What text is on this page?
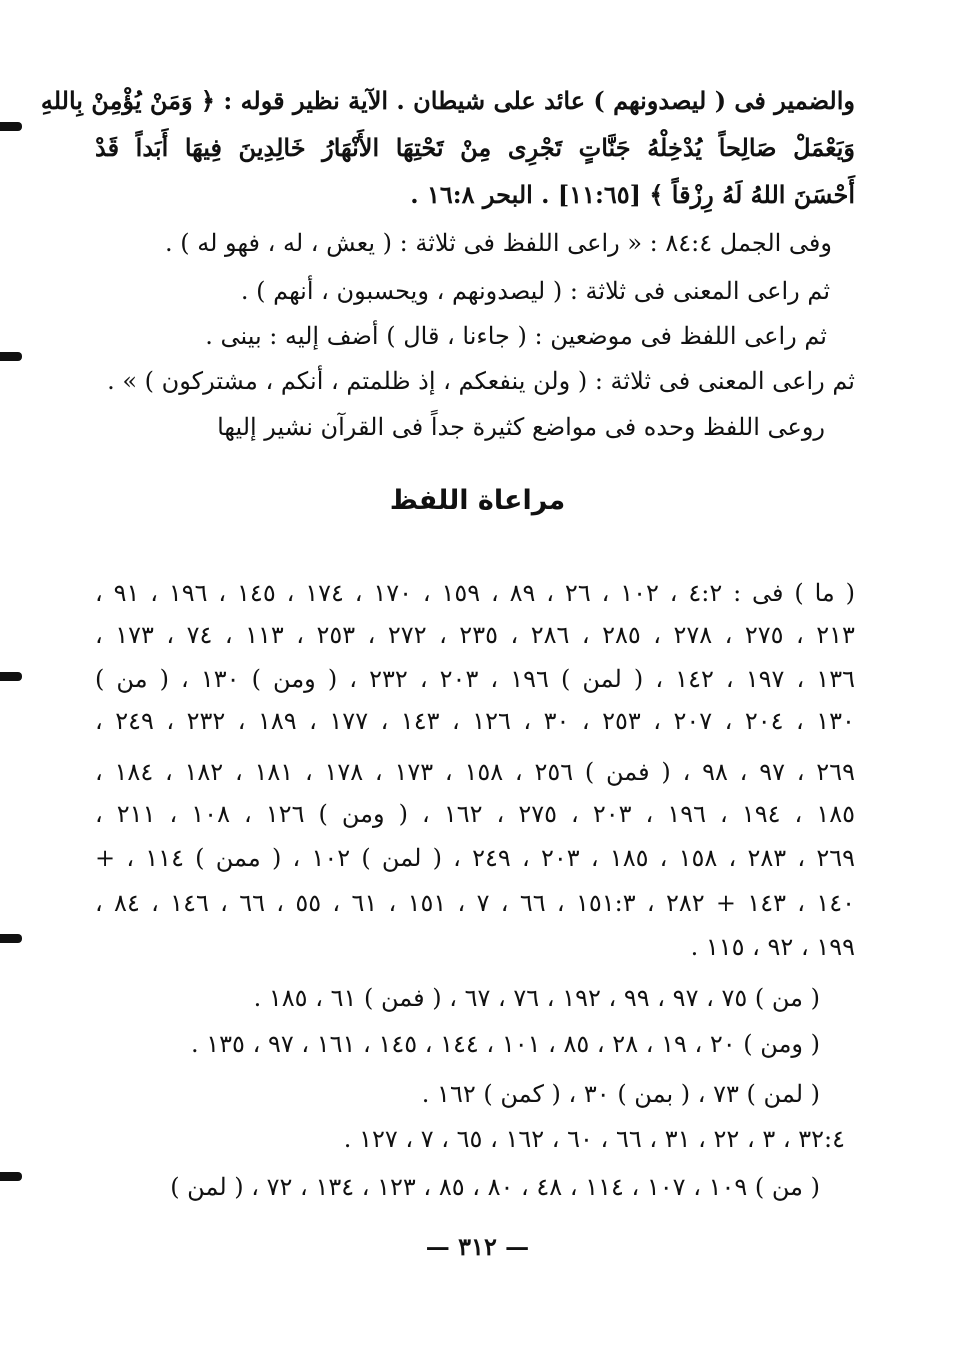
والضمير فى ( ليصدونهم ) عائد على شيطان . الآية نظير قوله : ﴿ وَمَنْ يُؤْمِنْ بِاللهِ
وَيَعْمَلْ صَالِحاً يُدْخِلْهُ جَنَّاتٍ تَجْرِى مِنْ تَحْتِهَا الأَنْهَارُ خَالِدِينَ فِيهَا أَبَداً قَدْ
أَحْسَنَ اللهُ لَهُ رِزْقاً ﴾ [١١:٦٥] . البحر ١٦:٨ .
وفى الجمل ٨٤:٤ : « راعى اللفظ فى ثلاثة : ( يعش ، له ، فهو له ) .
ثم راعى المعنى فى ثلاثة : ( ليصدونهم ، ويحسبون ، أنهم ) .
ثم راعى اللفظ فى موضعين : ( جاءنا ، قال ) أضف إليه : بينى .
ثم راعى المعنى فى ثلاثة : ( ولن ينفعكم ، إذ ظلمتم ، أنكم ، مشتركون ) » .
روعى اللفظ وحده فى مواضع كثيرة جداً فى القرآن نشير إليها
مراعاة اللفظ
( ما ) فى : ٤:٢ ، ١٠٢ ، ٢٦ ، ٨٩ ، ١٥٩ ، ١٧٠ ، ١٧٤ ، ١٤٥ ، ١٩٦ ، ٩١ ،
٢١٣ ، ٢٧٥ ، ٢٧٨ ، ٢٨٥ ، ٢٨٦ ، ٢٣٥ ، ٢٧٢ ، ٢٥٣ ، ١١٣ ، ٧٤ ، ١٧٣ ،
١٣٦ ، ١٩٧ ، ١٤٢ ، ( لمن ) ١٩٦ ، ٢٠٣ ، ٢٣٢ ، ( ومن ) ١٣٠ ، ( من )
١٣٠ ، ٢٠٤ ، ٢٠٧ ، ٢٥٣ ، ٣٠ ، ١٢٦ ، ١٤٣ ، ١٧٧ ، ١٨٩ ، ٢٣٢ ، ٢٤٩ ،
٢٦٩ ، ٩٧ ، ٩٨ ، ( فمن ) ٢٥٦ ، ١٥٨ ، ١٧٣ ، ١٧٨ ، ١٨١ ، ١٨٢ ، ١٨٤ ،
١٨٥ ، ١٩٤ ، ١٩٦ ، ٢٠٣ ، ٢٧٥ ، ١٦٢ ، ( ومن ) ١٢٦ ، ١٠٨ ، ٢١١ ،
٢٦٩ ، ٢٨٣ ، ١٥٨ ، ١٨٥ ، ٢٠٣ ، ٢٤٩ ، ( لمن ) ١٠٢ ، ( ممن ) ١١٤ ، +
١٤٠ ، ١٤٣ + ٢٨٢ ، ١٥١:٣ ، ٦٦ ، ٧ ، ١٥١ ، ٦١ ، ٥٥ ، ٦٦ ، ١٤٦ ، ٨٤ ،
١٩٩ ، ٩٢ ، ١١٥ .
( من ) ٧٥ ، ٩٧ ، ٩٩ ، ١٩٢ ، ٧٦ ، ٦٧ ، ( فمن ) ٦١ ، ١٨٥ .
( ومن ) ٢٠ ، ١٩ ، ٢٨ ، ٨٥ ، ١٠١ ، ١٤٤ ، ١٤٥ ، ١٦١ ، ٩٧ ، ١٣٥ .
( لمن ) ٧٣ ، ( بمن ) ٣٠ ، ( كمن ) ١٦٢ .
٣٢:٤ ، ٣ ، ٢٢ ، ٣١ ، ٦٦ ، ٦٠ ، ١٦٢ ، ٦٥ ، ٧ ، ١٢٧ .
( من ) ١٠٩ ، ١٠٧ ، ١١٤ ، ٤٨ ، ٨٠ ، ٨٥ ، ١٢٣ ، ١٣٤ ، ٧٢ ، ( لمن )
— ٣١٢ —
